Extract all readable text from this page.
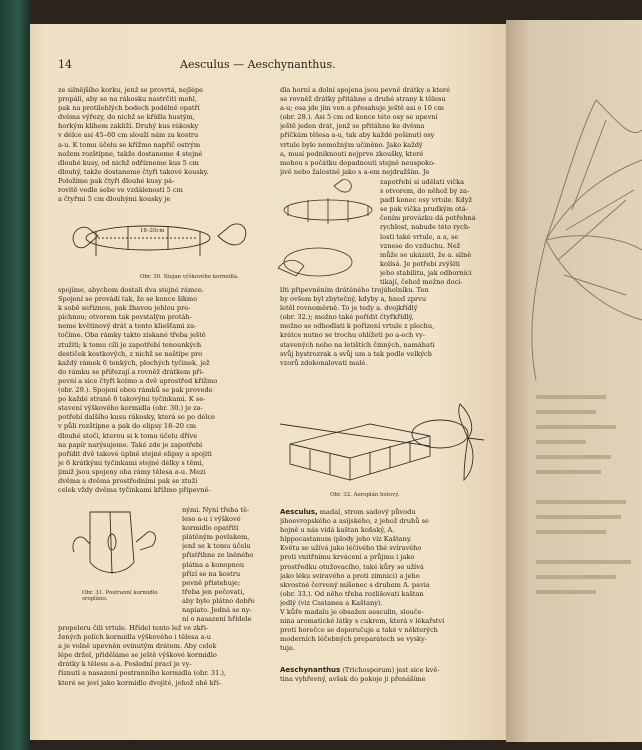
14	Aesculus — Aeschynanthus.
ze silnějšího korku, jenž se provrtá, nejlépe
propálí, aby se na rákosku nastrčiti mohl,
pak na protilehlých bodech podélně opatří
dvěma výřezy, do nichž se křídla hustým,
horkým klihem zaklíží. Druhý kus rákosky
v délce asi 45–60 cm slouží nám za kostru
a-u. K tomu účelu se křížmo napříč ostrým
nožem rozštípne, takže dostaneme 4 stejné
dlouhé kusy, od nichž odřízneme kus 5 cm
dlouhý, takže dostaneme čtyři takové kousky.
Položíme pak čtyři dlouhé kusy pá-
rovitě vedle sebe ve vzdálenosti 5 cm
a čtyřmi 5 cm dlouhými kousky je
18–20cm
Obr. 30. Stojan výškového kormidla.
dla horní a dolní spojena jsou pevně drátky a které
se rovněž drátky přitáhne a druhé strany k tělesu
a-u; osa jde jím ven a přesahuje ještě asi o 10 cm
(obr. 28.). Asi 5 cm od konce této osy se upevní
ještě jeden drát, jenž se přitáhne ke dvěma
příčkám tělesa a-u, tak aby každé pošinutí osy
vrtule bylo nemožným učiněno. Jako každý
a, musí podniknouti nejprve zkoušky, které
mohou s počátku dopadnouti stejně neuspoko-
jivě nebo žalostně jako s a-em nejdražším. Je
zapotřebí si udělati vička
s otvorem, do něhož by za-
padl konec osy vrtule. Když
se pak vička prudkým otá-
čením provázku dá potřebná
rychlost, nabude této rych-
losti také vrtule, a a, se
vznese do vzduchu. Než
může se ukázati, že a. silně
kolísá. Je potřebí zvýšiti
jeho stabilitu, jak odborníci
tikají, čehož možno doci-
spojíme, abychom dostali dva stejné rámce.
Spojení se provádí tak, že se konce šikmo
k sobě seříznou, pak žhavou jehlou pro-
píchnou; otvorem tak povstalým protáh-
neme květinový drát a tento kliešťami za-
točíme. Oba rámky takto získané třeba ještě
ztužiti; k tomu cíli je zapotřebí tenounkých
destiček kostkových, z nichž se naštípe pro
každý rámek 6 tenkých, plochých tyčinek, jež
do rámku se přiřezají a rovněž drátkem při-
pevní a sice čtyři kolmo a dvě uprostřed křížmo
(obr. 29.). Spojení obou rámků se pak provede
po každé straně 6 takovými tyčinkami. K se-
stavení výškového kormidla (obr. 30.) je za-
potřebí dalšího kusu rákosky, která se po délce
v půli rozštípne a pak do elipsy 18–20 cm
dlouhé stočí, kterou si k tomu účelu dříve
na papír narýsujeme. Také zde je zapotřebí
pořídit dvě takové úplně stejné elipsy a spojiti
je 6 krátkými tyčinkami stejné délky s těmi,
jimiž jsou spojeny oba rámy tělesa a-u. Mezi
dvěma a dvěma prostředními pak se ztuží
celek vždy dvěma tyčinkami křížmo připevně-
líti připevněním drátěného trojúhelníku. Ten
by ovšem byl zbytečný, kdyby a, hned zprvu
letěl rovnoměrně. To je tedy a. dvojkřídlý
(obr. 32.); možno také pořídit čtyřkřídlý,
možno se odhodlati k pořízení vrtule z plechu,
krátce nutno se trochu ohlížeti po a-ech vy-
stavených nebo na letištích činných, namáhati
svůj bystrozrak a svůj um a tak podle velkých
vzorů zdokonalovati malé.
Obr. 32. Aeroplán hotový.
Obr. 31. Postranní kormidlo
sropláno.
nými. Nyní třeba tě-
leso a-u i výškové
kormidlo opatřiti
plátěným povlakem,
jenž se k tomu účelu
přistřihne ze lněného
plátna a konopnou
přízí se na kostru
pevně přistehuje;
třeba jen pečovati,
aby bylo plátno dobře
napiato. Jedná se ny-
ní o nasazení hřídele
propeleru čili vrtule. Hřídel tento lež ve zkři-
žených polích kormidla výškového i tělesa a-u
a je volně upevněn ovinutým drátem. Aby celek
lépe držel, přiděláme se ještě výškové kormidlo
drátky k tělesu a-a. Poslední prací je vy-
říznutí a nasazení postranního kormidla (obr. 31.),
které se jeví jako kormidlo dvojité, jehož obě kří-
Aesculus, madal, strom sadový původu
jihoevropského a asijského, z jehož druhů se
hojně u nás vidá kaštan koňský, A.
hippocastanum (plody jeho viz Kaštany.
Květu se užívá jako léčivého thé svíravého
proti vnitřnímu krvácení a průjmu i jako
prostředku otužovacího, také kůry se užívá
jako léku svíravého a proti zimnici) a jeho
skvostné červený míšenec s druhem A. pavia
(obr. 33.). Od něho třeba rozlišovati kaštan
jedlý (viz Castanea a Kaštany).
V kůře madalu je obsažen aesculin, slouče-
nina aromatické látky s cukrem, která v lékařství
proti horečce se doporučuje a také v některých
moderních léčebných preparátech se vysky-
tuje.
Aeschynanthus (Trichosporum) jest sice kvě-
tina vyhřevný, avšak do pokoje ji přenášíme
